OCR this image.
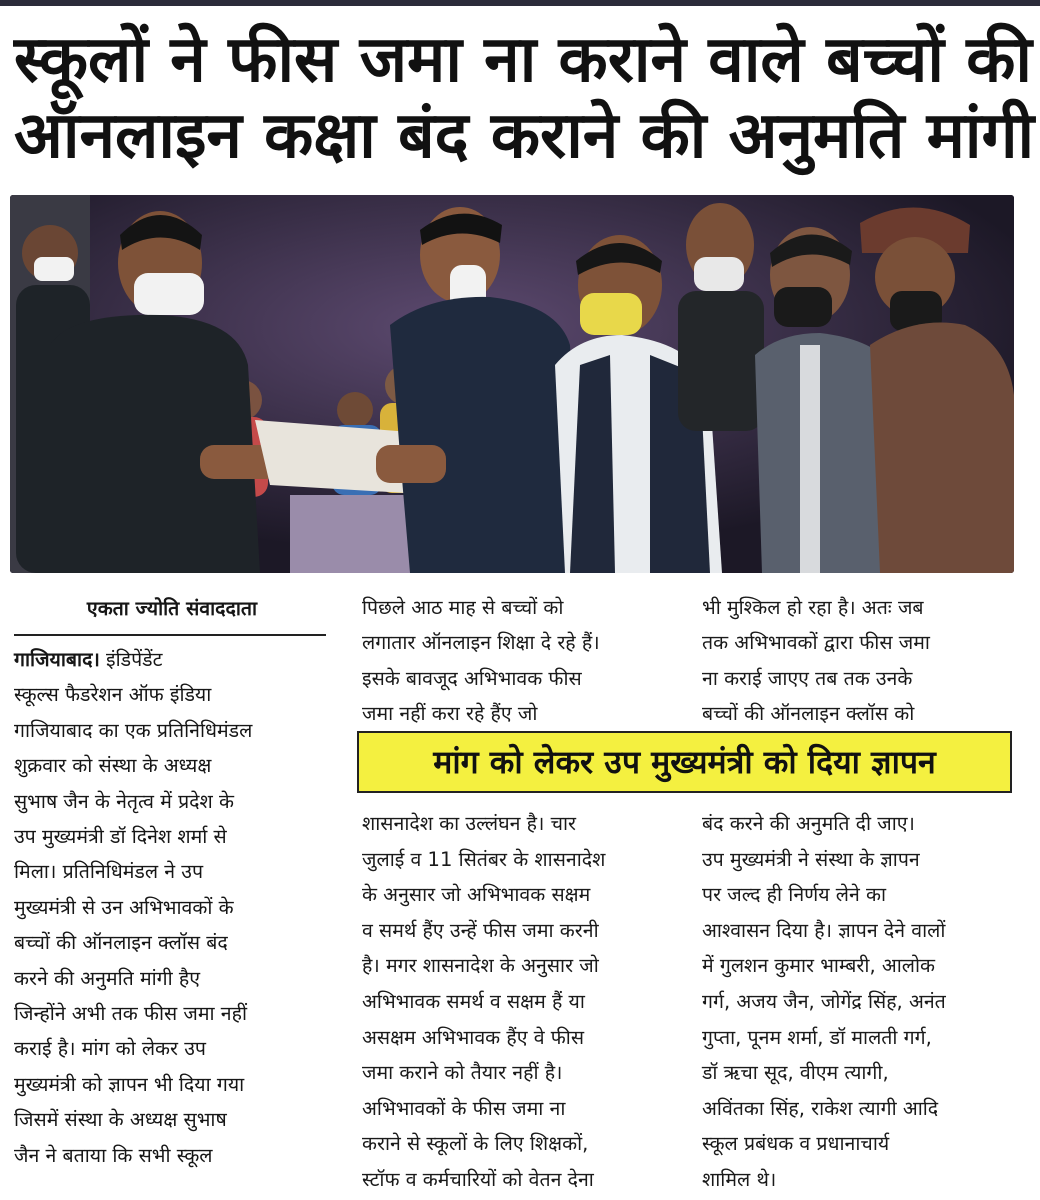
स्कूलों ने फीस जमा ना कराने वाले बच्चों की
ऑनलाइन कक्षा बंद कराने की अनुमति मांगी
एकता ज्योति संवाददाता

गाजियाबाद। इंडिपेंडेंट

स्कूल्स फैडरेशन ऑफ इंडिया

गाजियाबाद का एक प्रतिनिधिमंडल

शुक्रवार को संस्था के अध्यक्ष

सुभाष जैन के नेतृत्व में प्रदेश के

उप मुख्यमंत्री डॉ दिनेश शर्मा से

मिला। प्रतिनिधिमंडल ने उप

मुख्यमंत्री से उन अभिभावकों के

बच्चों की ऑनलाइन क्लॉस बंद

करने की अनुमति मांगी हैए

जिन्होंने अभी तक फीस जमा नहीं

कराई है। मांग को लेकर उप

मुख्यमंत्री को ज्ञापन भी दिया गया

जिसमें संस्था के अध्यक्ष सुभाष

जैन ने बताया कि सभी स्कूल

पिछले आठ माह से बच्चों को

लगातार ऑनलाइन शिक्षा दे रहे हैं।

इसके बावजूद अभिभावक फीस

जमा नहीं करा रहे हैंए जो

भी मुश्किल हो रहा है। अतः जब

तक अभिभावकों द्वारा फीस जमा

ना कराई जाएए तब तक उनके

बच्चों की ऑनलाइन क्लॉस को

मांग को लेकर उप मुख्यमंत्री को दिया ज्ञापन

शासनादेश का उल्लंघन है। चार

जुलाई व 11 सितंबर के शासनादेश

के अनुसार जो अभिभावक सक्षम

व समर्थ हैंए उन्हें फीस जमा करनी

है। मगर शासनादेश के अनुसार जो

अभिभावक समर्थ व सक्षम हैं या

असक्षम अभिभावक हैंए वे फीस

जमा कराने को तैयार नहीं है।

अभिभावकों के फीस जमा ना

कराने से स्कूलों के लिए शिक्षकों,

स्टॉफ व कर्मचारियों को वेतन देना

बंद करने की अनुमति दी जाए।

उप मुख्यमंत्री ने संस्था के ज्ञापन

पर जल्द ही निर्णय लेने का

आश्वासन दिया है। ज्ञापन देने वालों

में गुलशन कुमार भाम्बरी, आलोक

गर्ग, अजय जैन, जोगेंद्र सिंह, अनंत

गुप्ता, पूनम शर्मा, डॉ मालती गर्ग,

डॉ ऋचा सूद, वीएम त्यागी,

अविंतका सिंह, राकेश त्यागी आदि

स्कूल प्रबंधक व प्रधानाचार्य

शामिल थे।
